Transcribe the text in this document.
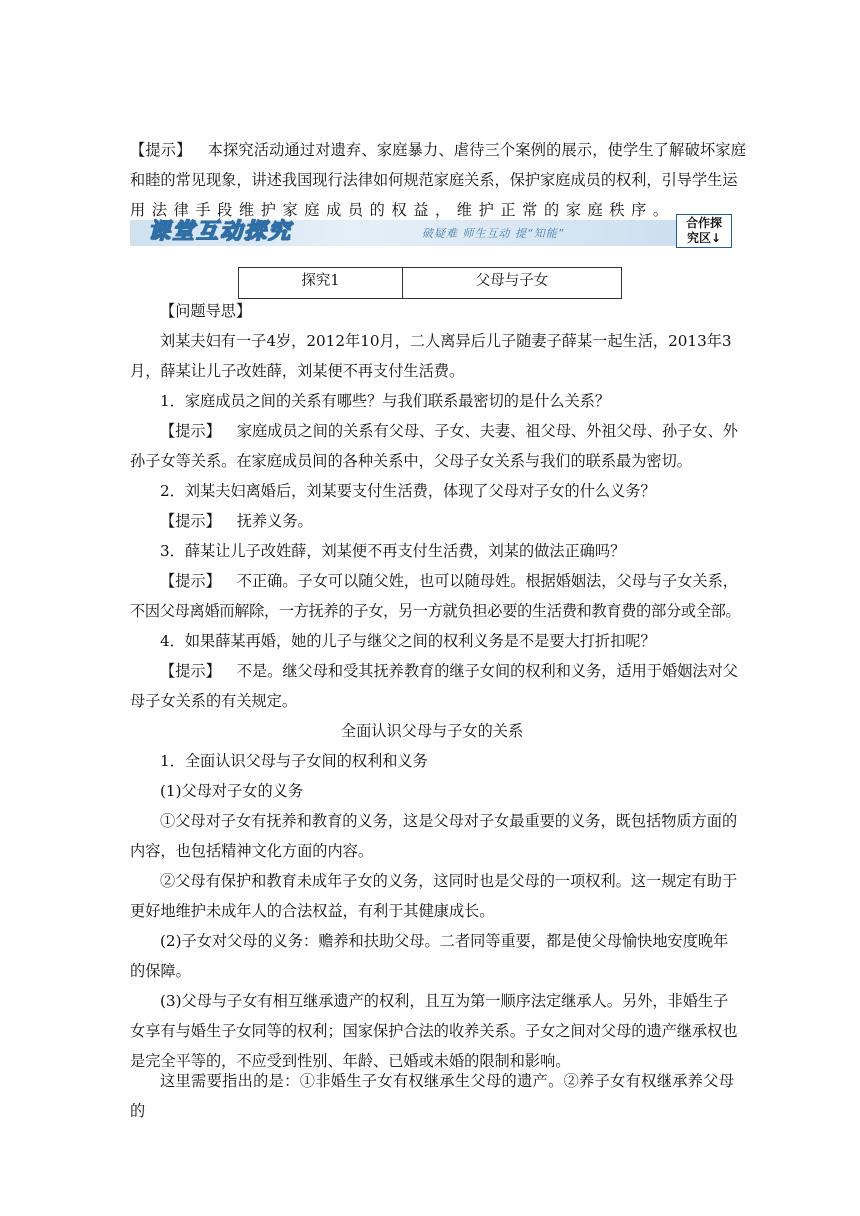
【提示】 本探究活动通过对遗弃、家庭暴力、虐待三个案例的展示，使学生了解破坏家庭
和睦的常见现象，讲述我国现行法律如何规范家庭关系，保护家庭成员的权利，引导学生运
用法律手段维护家庭成员的权益，维护正常的家庭秩序。
课堂互动探究	破疑难 师生互动 提“知能”
合作探
究区↓
探究1	父母与子女
【问题导思】
刘某夫妇有一子4岁，2012年10月，二人离异后儿子随妻子薛某一起生活，2013年3
月，薛某让儿子改姓薛，刘某便不再支付生活费。
1．家庭成员之间的关系有哪些？与我们联系最密切的是什么关系？
【提示】 家庭成员之间的关系有父母、子女、夫妻、祖父母、外祖父母、孙子女、外
孙子女等关系。在家庭成员间的各种关系中，父母子女关系与我们的联系最为密切。
2．刘某夫妇离婚后，刘某要支付生活费，体现了父母对子女的什么义务？
【提示】 抚养义务。
3．薛某让儿子改姓薛，刘某便不再支付生活费，刘某的做法正确吗？
【提示】 不正确。子女可以随父姓，也可以随母姓。根据婚姻法，父母与子女关系，
不因父母离婚而解除，一方抚养的子女，另一方就负担必要的生活费和教育费的部分或全部。
4．如果薛某再婚，她的儿子与继父之间的权利义务是不是要大打折扣呢？
【提示】 不是。继父母和受其抚养教育的继子女间的权利和义务，适用于婚姻法对父
母子女关系的有关规定。
全面认识父母与子女的关系
1．全面认识父母与子女间的权利和义务
(1)父母对子女的义务
①父母对子女有抚养和教育的义务，这是父母对子女最重要的义务，既包括物质方面的
内容，也包括精神文化方面的内容。
②父母有保护和教育未成年子女的义务，这同时也是父母的一项权利。这一规定有助于
更好地维护未成年人的合法权益，有利于其健康成长。
(2)子女对父母的义务：赡养和扶助父母。二者同等重要，都是使父母愉快地安度晚年
的保障。
(3)父母与子女有相互继承遗产的权利，且互为第一顺序法定继承人。另外，非婚生子
女享有与婚生子女同等的权利；国家保护合法的收养关系。子女之间对父母的遗产继承权也
是完全平等的，不应受到性别、年龄、已婚或未婚的限制和影响。
这里需要指出的是：①非婚生子女有权继承生父母的遗产。②养子女有权继承养父母的
